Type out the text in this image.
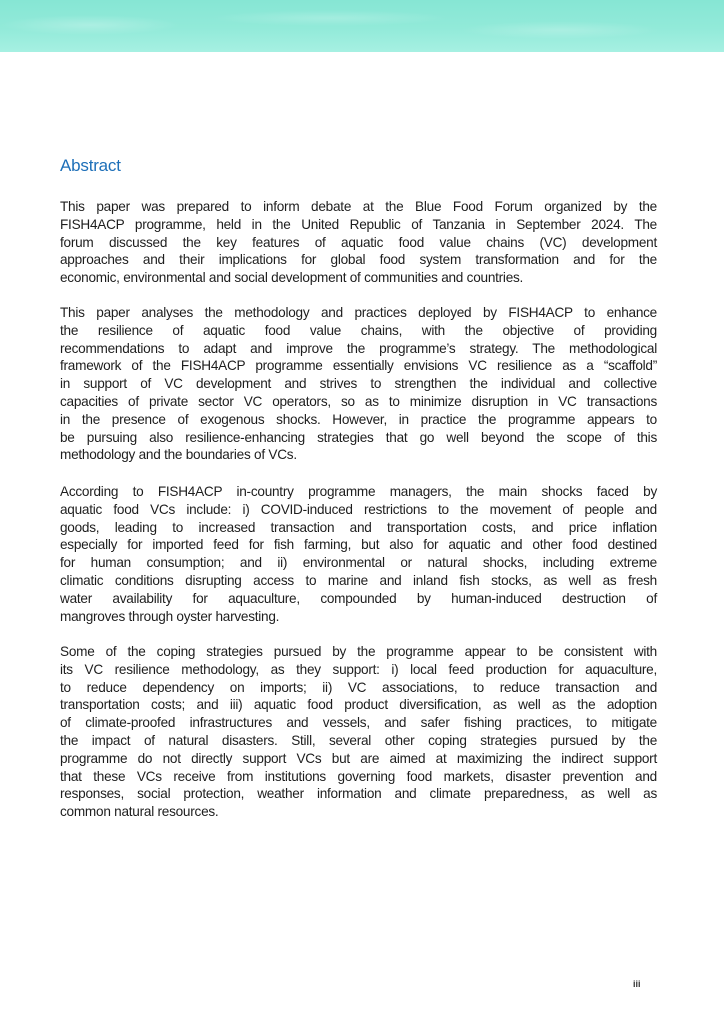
Abstract
This paper was prepared to inform debate at the Blue Food Forum organized by the
FISH4ACP programme, held in the United Republic of Tanzania in September 2024. The
forum discussed the key features of aquatic food value chains (VC) development
approaches and their implications for global food system transformation and for the
economic, environmental and social development of communities and countries.
This paper analyses the methodology and practices deployed by FISH4ACP to enhance
the resilience of aquatic food value chains, with the objective of providing
recommendations to adapt and improve the programme’s strategy. The methodological
framework of the FISH4ACP programme essentially envisions VC resilience as a “scaffold”
in support of VC development and strives to strengthen the individual and collective
capacities of private sector VC operators, so as to minimize disruption in VC transactions
in the presence of exogenous shocks. However, in practice the programme appears to
be pursuing also resilience-enhancing strategies that go well beyond the scope of this
methodology and the boundaries of VCs.
According to FISH4ACP in-country programme managers, the main shocks faced by
aquatic food VCs include: i) COVID-induced restrictions to the movement of people and
goods, leading to increased transaction and transportation costs, and price inflation
especially for imported feed for fish farming, but also for aquatic and other food destined
for human consumption; and ii) environmental or natural shocks, including extreme
climatic conditions disrupting access to marine and inland fish stocks, as well as fresh
water availability for aquaculture, compounded by human-induced destruction of
mangroves through oyster harvesting.
Some of the coping strategies pursued by the programme appear to be consistent with
its VC resilience methodology, as they support: i) local feed production for aquaculture,
to reduce dependency on imports; ii) VC associations, to reduce transaction and
transportation costs; and iii) aquatic food product diversification, as well as the adoption
of climate-proofed infrastructures and vessels, and safer fishing practices, to mitigate
the impact of natural disasters. Still, several other coping strategies pursued by the
programme do not directly support VCs but are aimed at maximizing the indirect support
that these VCs receive from institutions governing food markets, disaster prevention and
responses, social protection, weather information and climate preparedness, as well as
common natural resources.
iii
